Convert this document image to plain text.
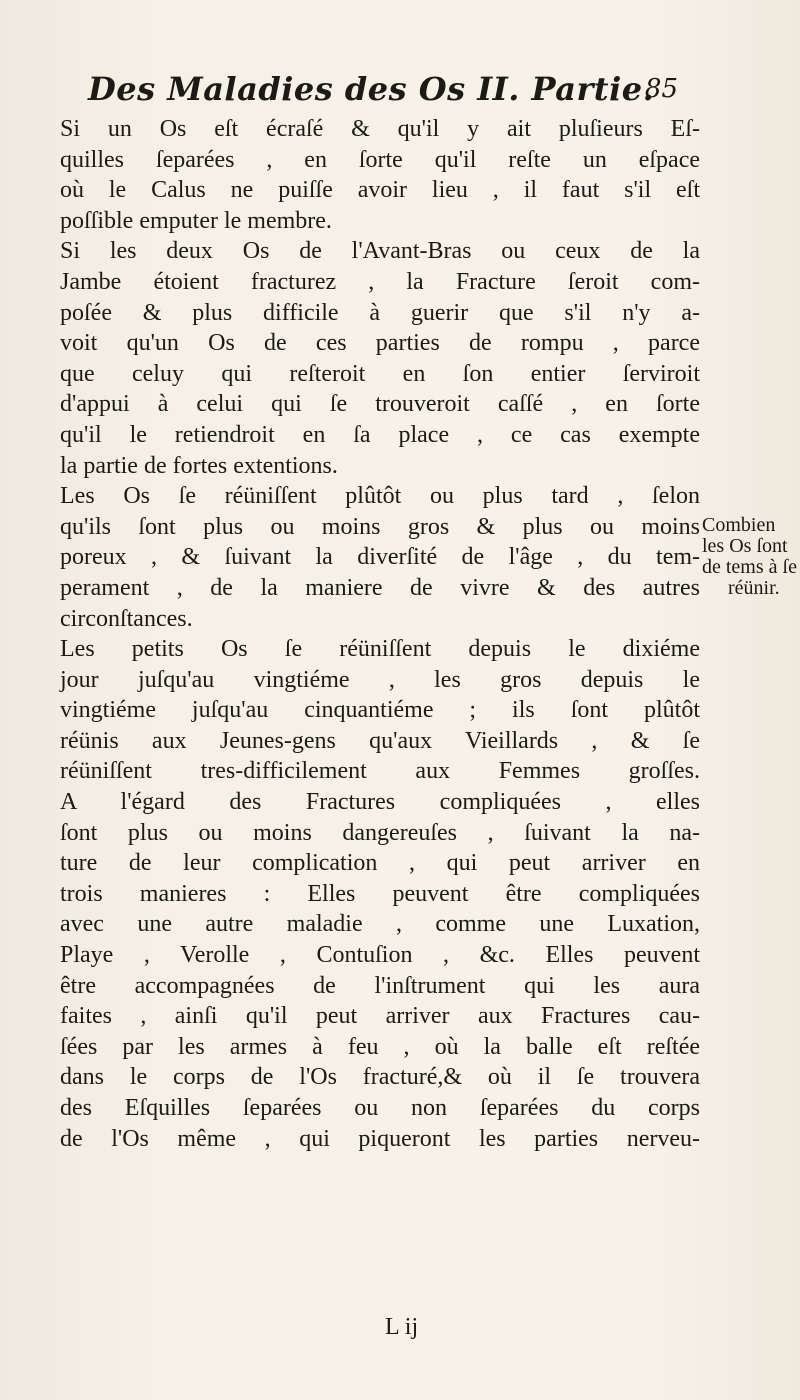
Des Maladies des Os II. Partie.
85
Si un Os eſt écraſé & qu'il y ait pluſieurs Eſ-
quilles ſeparées , en ſorte qu'il reſte un eſpace
où le Calus ne puiſſe avoir lieu , il faut s'il eſt
poſſible emputer le membre.
Si les deux Os de l'Avant-Bras ou ceux de la
Jambe étoient fracturez , la Fracture ſeroit com-
poſée & plus difficile à guerir que s'il n'y a-
voit qu'un Os de ces parties de rompu , parce
que celuy qui reſteroit en ſon entier ſerviroit
d'appui à celui qui ſe trouveroit caſſé , en ſorte
qu'il le retiendroit en ſa place , ce cas exempte
la partie de fortes extentions.
Les Os ſe réüniſſent plûtôt ou plus tard , ſelon
qu'ils ſont plus ou moins gros & plus ou moins
poreux , & ſuivant la diverſité de l'âge , du tem-
perament , de la maniere de vivre & des autres
circonſtances.
Les petits Os ſe réüniſſent depuis le dixiéme
jour juſqu'au vingtiéme , les gros depuis le
vingtiéme juſqu'au cinquantiéme ; ils ſont plûtôt
réünis aux Jeunes-gens qu'aux Vieillards , & ſe
réüniſſent tres-difficilement aux Femmes groſſes.
A l'égard des Fractures compliquées , elles
ſont plus ou moins dangereuſes , ſuivant la na-
ture de leur complication , qui peut arriver en
trois manieres : Elles peuvent être compliquées
avec une autre maladie , comme une Luxation,
Playe , Verolle , Contuſion , &c. Elles peuvent
être accompagnées de l'inſtrument qui les aura
faites , ainſi qu'il peut arriver aux Fractures cau-
ſées par les armes à feu , où la balle eſt reſtée
dans le corps de l'Os fracturé,& où il ſe trouvera
des Eſquilles ſeparées ou non ſeparées du corps
de l'Os même , qui piqueront les parties nerveu-
Combien
les Os ſont
de tems à ſe
réünir.
L ij
